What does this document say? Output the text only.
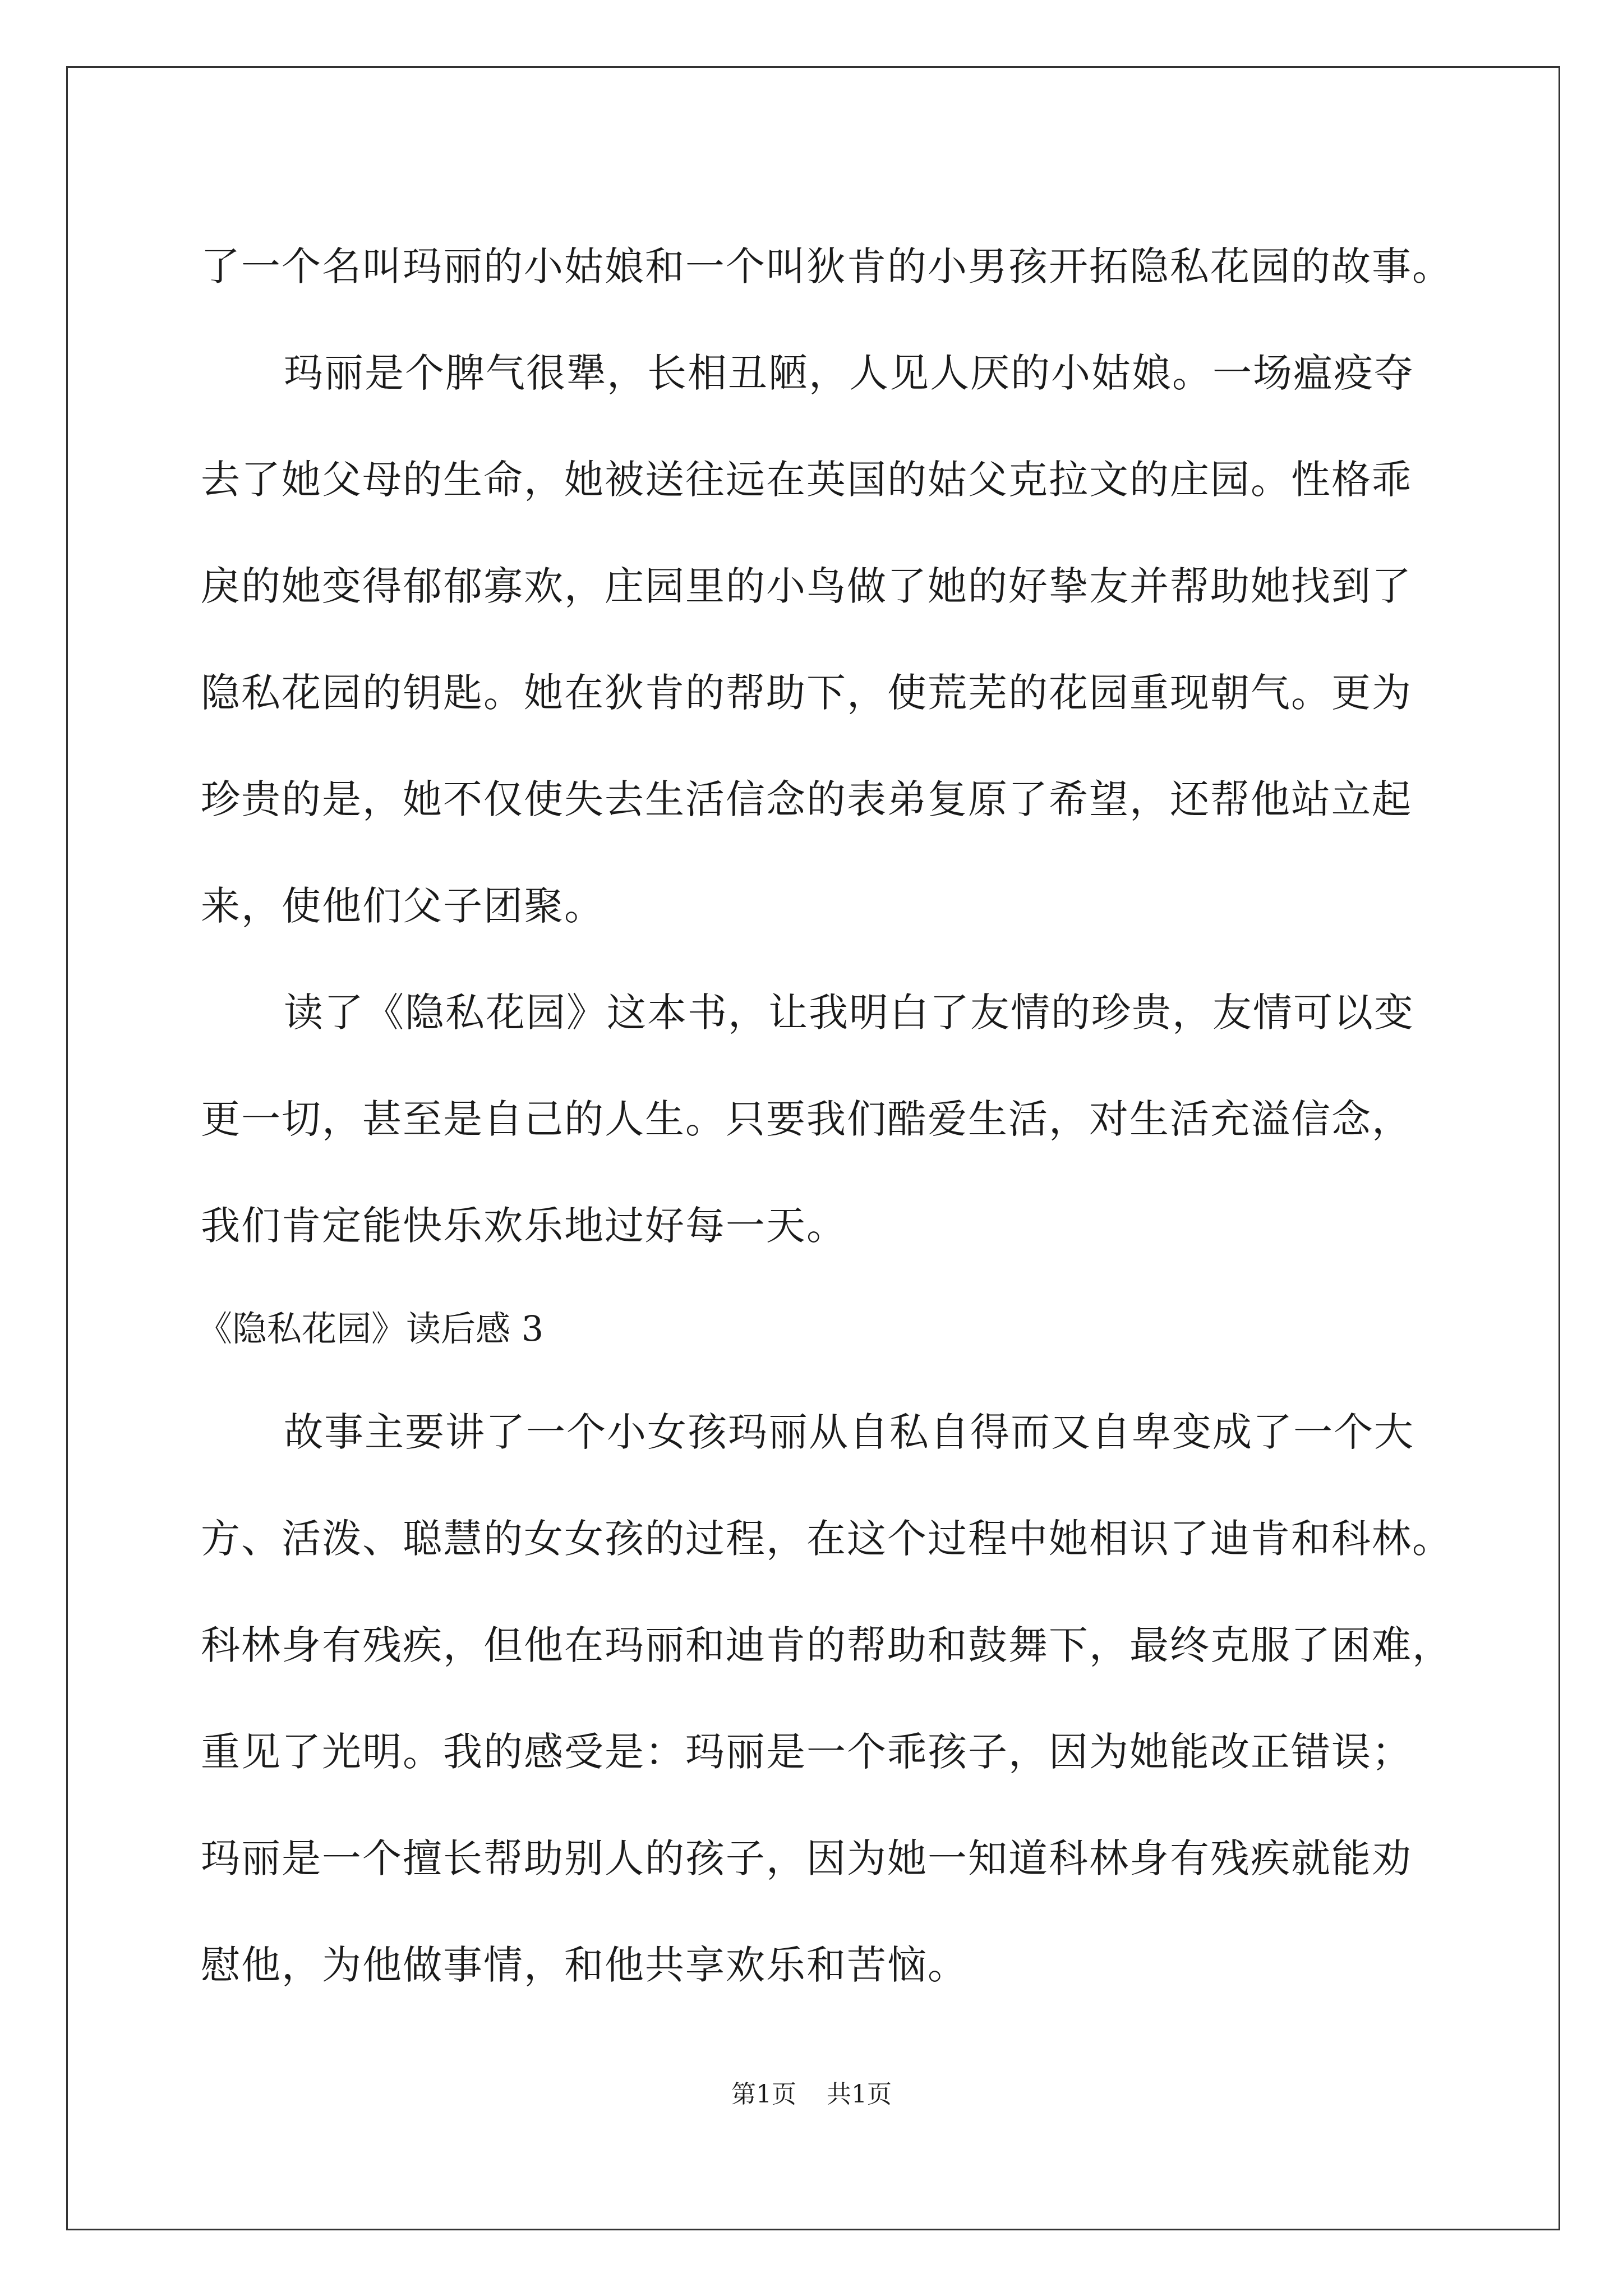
了一个名叫玛丽的小姑娘和一个叫狄肯的小男孩开拓隐私花园的故事。
玛丽是个脾气很犟，长相丑陋，人见人厌的小姑娘。一场瘟疫夺
去了她父母的生命，她被送往远在英国的姑父克拉文的庄园。性格乖
戾的她变得郁郁寡欢，庄园里的小鸟做了她的好挚友并帮助她找到了
隐私花园的钥匙。她在狄肯的帮助下，使荒芜的花园重现朝气。更为
珍贵的是，她不仅使失去生活信念的表弟复原了希望，还帮他站立起
来，使他们父子团聚。
读了《隐私花园》这本书，让我明白了友情的珍贵，友情可以变
更一切，甚至是自己的人生。只要我们酷爱生活，对生活充溢信念，
我们肯定能快乐欢乐地过好每一天。
《隐私花园》读后感 3
故事主要讲了一个小女孩玛丽从自私自得而又自卑变成了一个大
方、活泼、聪慧的女女孩的过程，在这个过程中她相识了迪肯和科林。
科林身有残疾，但他在玛丽和迪肯的帮助和鼓舞下，最终克服了困难，
重见了光明。我的感受是：玛丽是一个乖孩子，因为她能改正错误；
玛丽是一个擅长帮助别人的孩子，因为她一知道科林身有残疾就能劝
慰他，为他做事情，和他共享欢乐和苦恼。
第1页 共1页
